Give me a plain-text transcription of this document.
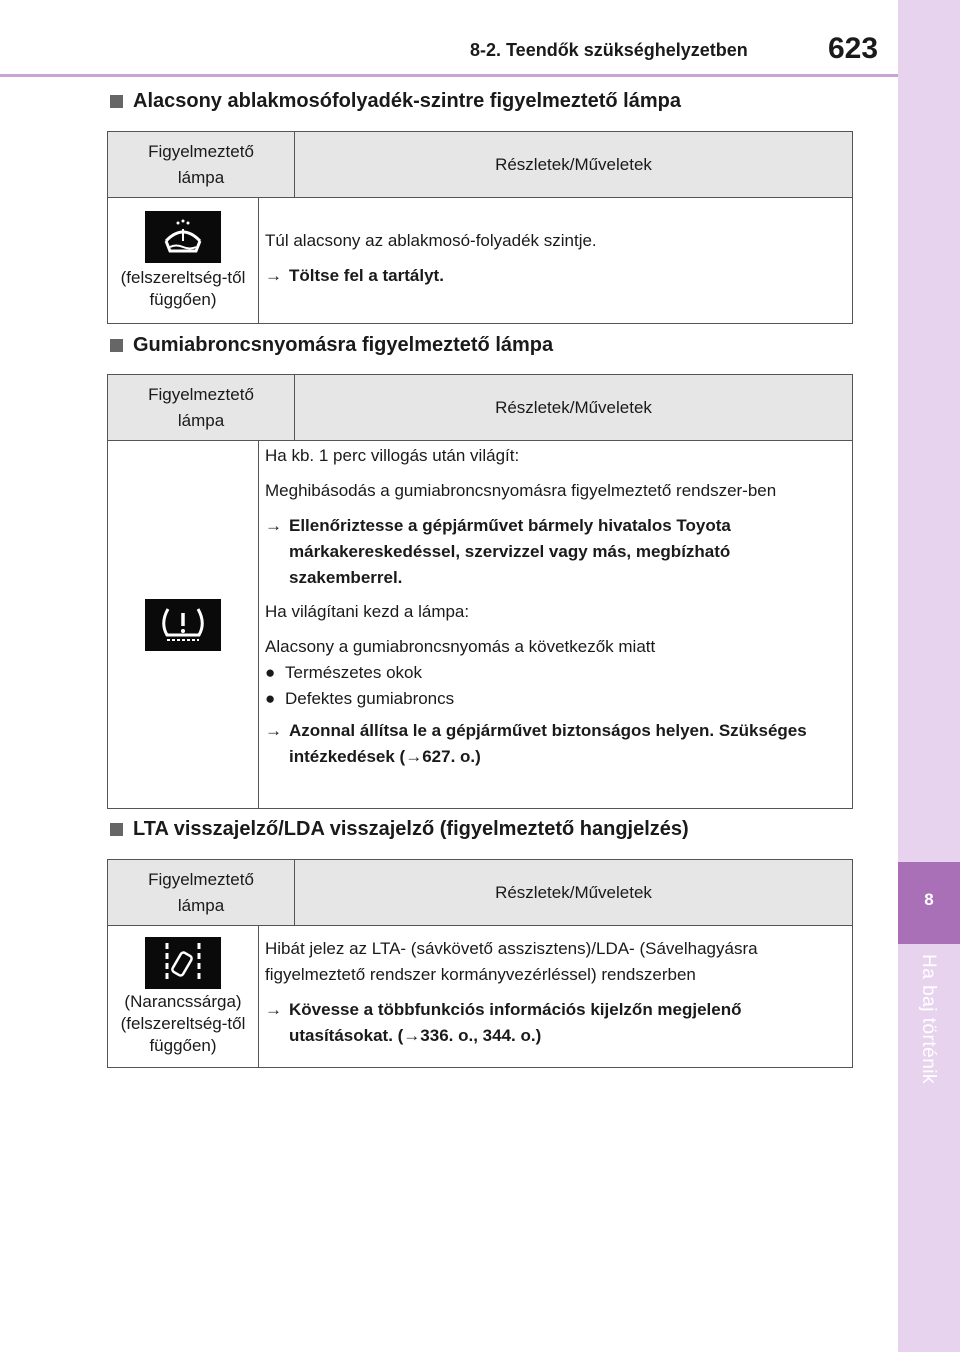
8-2. Teendők szükséghelyzetben	623
8
Ha baj történik
Alacsony ablakmosófolyadék-szintre figyelmeztető lámpa
Figyelmeztető lámpa
Részletek/Műveletek
(felszereltség-től függően)

Túl alacsony az ablakmosó-folyadék szintje.

→ Töltse fel a tartályt.
Gumiabroncsnyomásra figyelmeztető lámpa
Figyelmeztető lámpa
Részletek/Műveletek

Ha kb. 1 perc villogás után világít:

Meghibásodás a gumiabroncsnyomásra figyelmeztető rendszer-ben

→ Ellenőriztesse a gépjárművet bármely hivatalos Toyota márkakereskedéssel, szervizzel vagy más, megbízható szakemberrel.

Ha világítani kezd a lámpa:

Alacsony a gumiabroncsnyomás a következők miatt

● Természetes okok
● Defektes gumiabroncs
→ Azonnal állítsa le a gépjárművet biztonságos helyen. Szükséges intézkedések (→627. o.)
LTA visszajelző/LDA visszajelző (figyelmeztető hangjelzés)
Figyelmeztető lámpa
Részletek/Műveletek
(Narancssárga)
(felszereltség-től függően)

Hibát jelez az LTA- (sávkövető asszisztens)/LDA- (Sávelhagyásra figyelmeztető rendszer kormányvezérléssel) rendszerben

→ Kövesse a többfunkciós információs kijelzőn megjelenő utasításokat. (→336. o., 344. o.)
